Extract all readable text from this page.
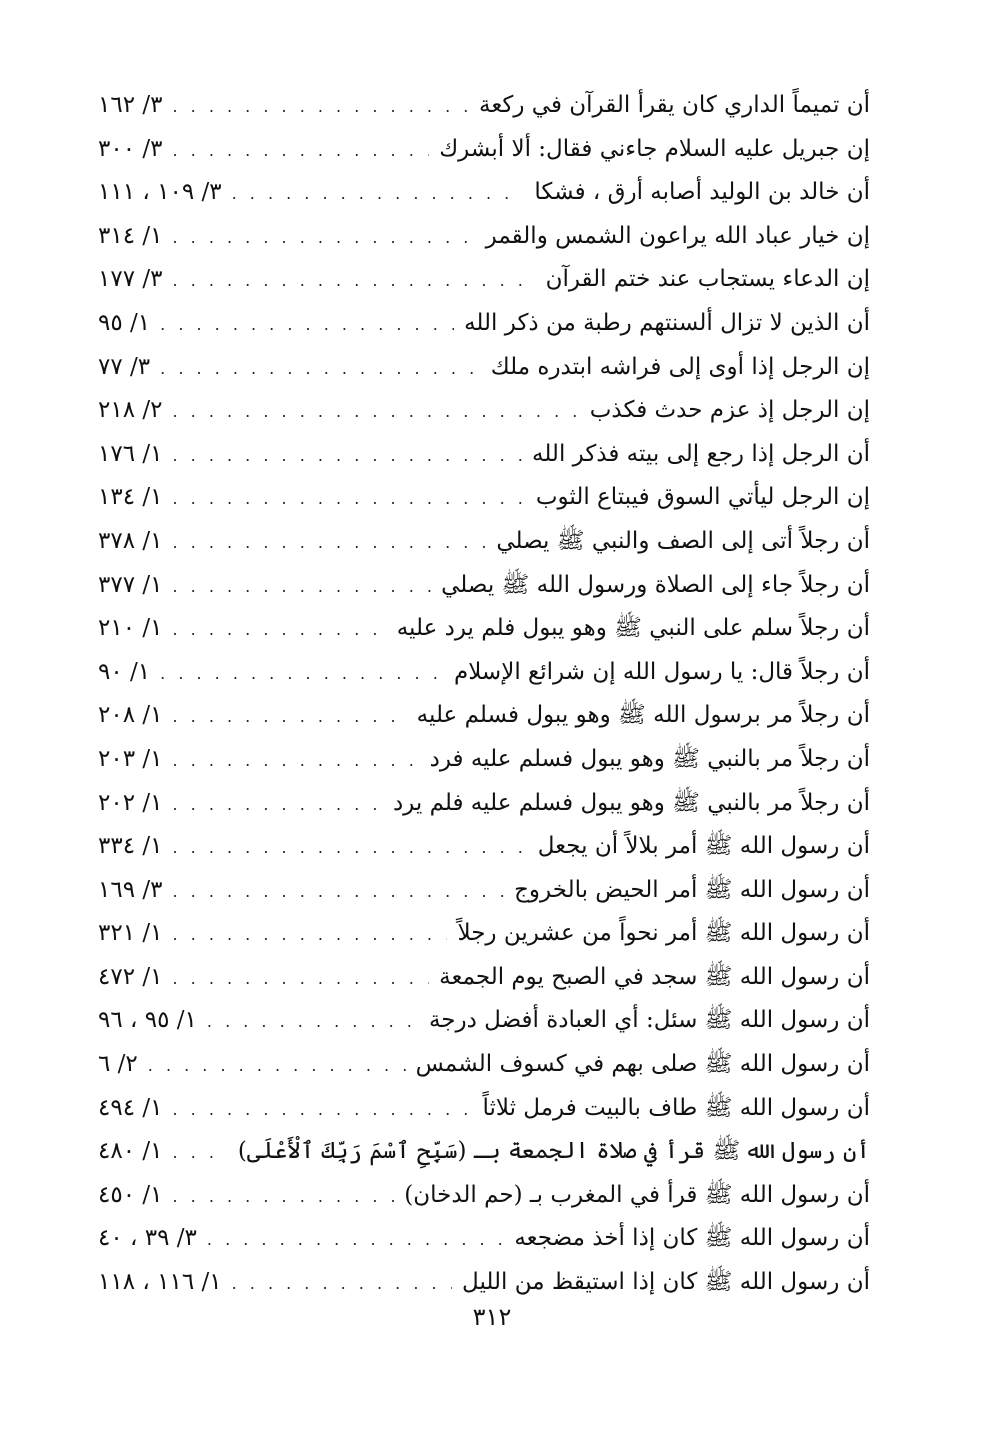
أن تميماً الداري كان يقرأ القرآن في ركعة
. . .
٣/ ١٦٢
إن جبريل عليه السلام جاءني فقال: ألا أبشرك
. . .
٣/ ٣٠٠
أن خالد بن الوليد أصابه أرق ، فشكا
. . .
٣/ ١٠٩ ، ١١١
إن خيار عباد الله يراعون الشمس والقمر
. . .
١/ ٣١٤
إن الدعاء يستجاب عند ختم القرآن
. . .
٣/ ١٧٧
أن الذين لا تزال ألسنتهم رطبة من ذكر الله
. . .
١/ ٩٥
إن الرجل إذا أوى إلى فراشه ابتدره ملك
. . .
٣/ ٧٧
إن الرجل إذ عزم حدث فكذب
. . .
٢/ ٢١٨
أن الرجل إذا رجع إلى بيته فذكر الله
. . .
١/ ١٧٦
إن الرجل ليأتي السوق فيبتاع الثوب
. . .
١/ ١٣٤
أن رجلاً أتى إلى الصف والنبي ﷺ يصلي
. . .
١/ ٣٧٨
أن رجلاً جاء إلى الصلاة ورسول الله ﷺ يصلي
. . .
١/ ٣٧٧
أن رجلاً سلم على النبي ﷺ وهو يبول فلم يرد عليه
. . .
١/ ٢١٠
أن رجلاً قال: يا رسول الله إن شرائع الإسلام
. . .
١/ ٩٠
أن رجلاً مر برسول الله ﷺ وهو يبول فسلم عليه
. . .
١/ ٢٠٨
أن رجلاً مر بالنبي ﷺ وهو يبول فسلم عليه فرد
. . .
١/ ٢٠٣
أن رجلاً مر بالنبي ﷺ وهو يبول فسلم عليه فلم يرد
. . .
١/ ٢٠٢
أن رسول الله ﷺ أمر بلالاً أن يجعل
. . .
١/ ٣٣٤
أن رسول الله ﷺ أمر الحيض بالخروج
. . .
٣/ ١٦٩
أن رسول الله ﷺ أمر نحواً من عشرين رجلاً
. . .
١/ ٣٢١
أن رسول الله ﷺ سجد في الصبح يوم الجمعة
. . .
١/ ٤٧٢
أن رسول الله ﷺ سئل: أي العبادة أفضل درجة
. . .
١/ ٩٥ ، ٩٦
أن رسول الله ﷺ صلى بهم في كسوف الشمس
. . .
٢/ ٦
أن رسول الله ﷺ طاف بالبيت فرمل ثلاثاً
. . .
١/ ٤٩٤
أن رسول الله ﷺ قرأ في صلاة الجمعة بـ (سَبِّحِ ٱسْمَ رَبِّكَ ٱلْأَعْلَى)
. . .
١/ ٤٨٠
أن رسول الله ﷺ قرأ في المغرب بـ (حم الدخان)
. . .
١/ ٤٥٠
أن رسول الله ﷺ كان إذا أخذ مضجعه
. . .
٣/ ٣٩ ، ٤٠
أن رسول الله ﷺ كان إذا استيقظ من الليل
. . .
١/ ١١٦ ، ١١٨
٣١٢
